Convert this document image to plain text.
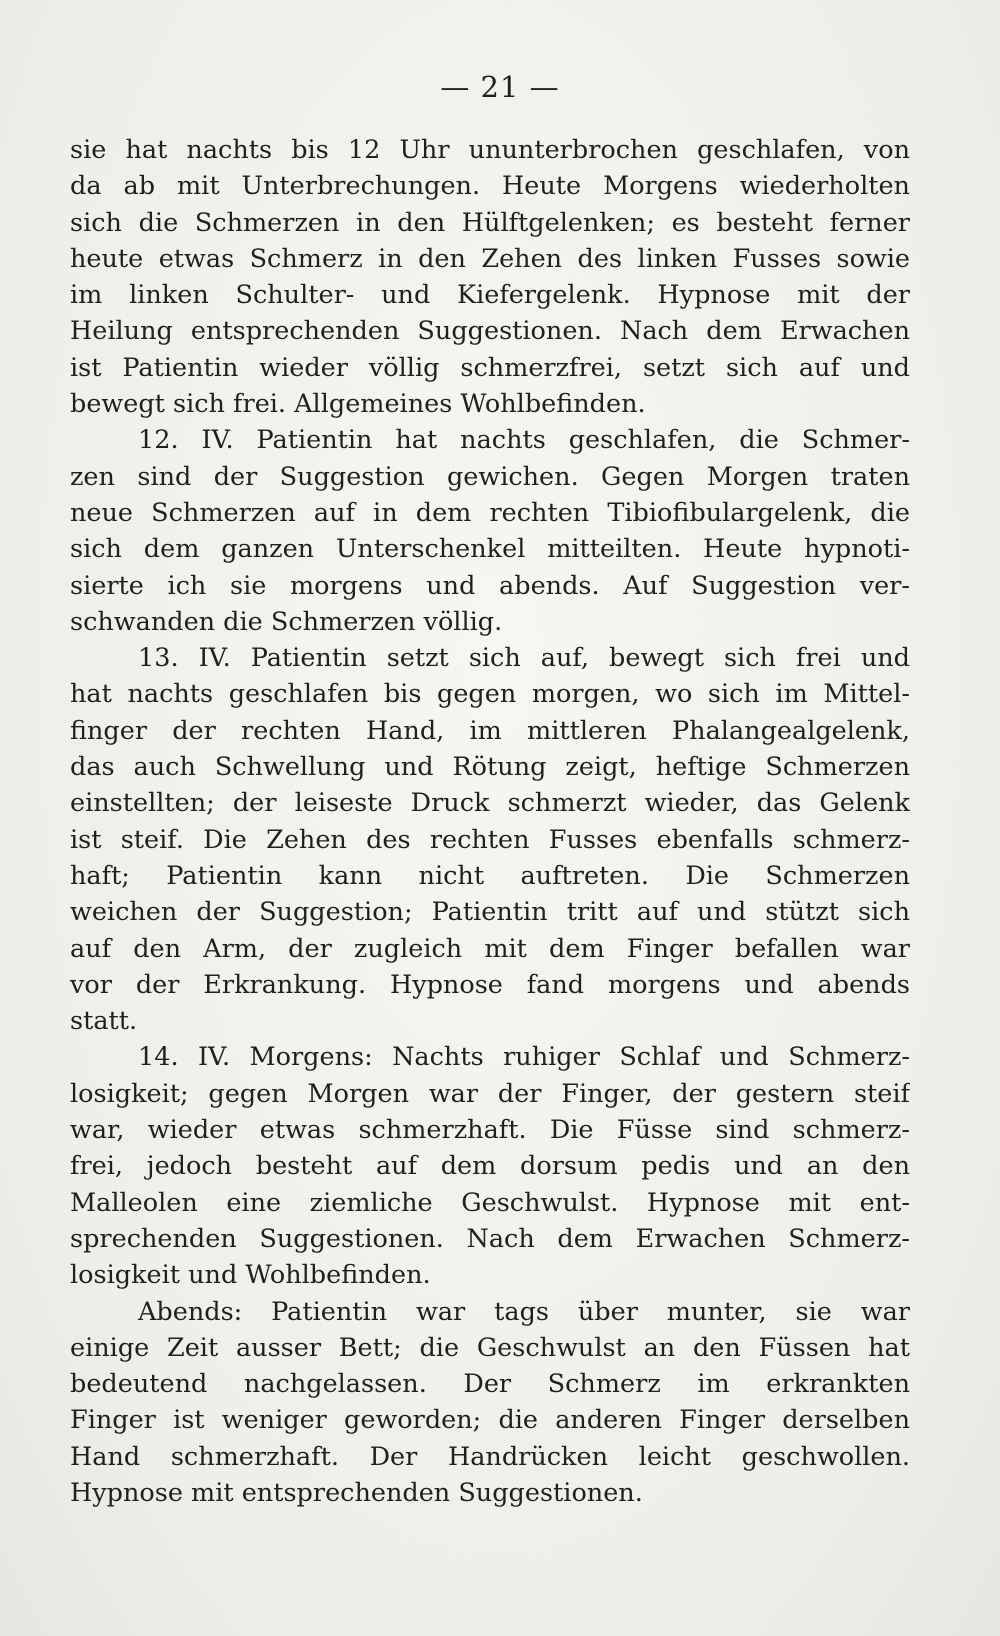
— 21 —
sie hat nachts bis 12 Uhr ununterbrochen geschlafen, von
da ab mit Unterbrechungen. Heute Morgens wiederholten
sich die Schmerzen in den Hülftgelenken; es besteht ferner
heute etwas Schmerz in den Zehen des linken Fusses sowie
im linken Schulter- und Kiefergelenk. Hypnose mit der
Heilung entsprechenden Suggestionen. Nach dem Erwachen
ist Patientin wieder völlig schmerzfrei, setzt sich auf und
bewegt sich frei. Allgemeines Wohlbefinden.
12. IV. Patientin hat nachts geschlafen, die Schmer-
zen sind der Suggestion gewichen. Gegen Morgen traten
neue Schmerzen auf in dem rechten Tibiofibulargelenk, die
sich dem ganzen Unterschenkel mitteilten. Heute hypnoti-
sierte ich sie morgens und abends. Auf Suggestion ver-
schwanden die Schmerzen völlig.
13. IV. Patientin setzt sich auf, bewegt sich frei und
hat nachts geschlafen bis gegen morgen, wo sich im Mittel-
finger der rechten Hand, im mittleren Phalangealgelenk,
das auch Schwellung und Rötung zeigt, heftige Schmerzen
einstellten; der leiseste Druck schmerzt wieder, das Gelenk
ist steif. Die Zehen des rechten Fusses ebenfalls schmerz-
haft; Patientin kann nicht auftreten. Die Schmerzen
weichen der Suggestion; Patientin tritt auf und stützt sich
auf den Arm, der zugleich mit dem Finger befallen war
vor der Erkrankung. Hypnose fand morgens und abends
statt.
14. IV. Morgens: Nachts ruhiger Schlaf und Schmerz-
losigkeit; gegen Morgen war der Finger, der gestern steif
war, wieder etwas schmerzhaft. Die Füsse sind schmerz-
frei, jedoch besteht auf dem dorsum pedis und an den
Malleolen eine ziemliche Geschwulst. Hypnose mit ent-
sprechenden Suggestionen. Nach dem Erwachen Schmerz-
losigkeit und Wohlbefinden.
Abends: Patientin war tags über munter, sie war
einige Zeit ausser Bett; die Geschwulst an den Füssen hat
bedeutend nachgelassen. Der Schmerz im erkrankten
Finger ist weniger geworden; die anderen Finger derselben
Hand schmerzhaft. Der Handrücken leicht geschwollen.
Hypnose mit entsprechenden Suggestionen.
